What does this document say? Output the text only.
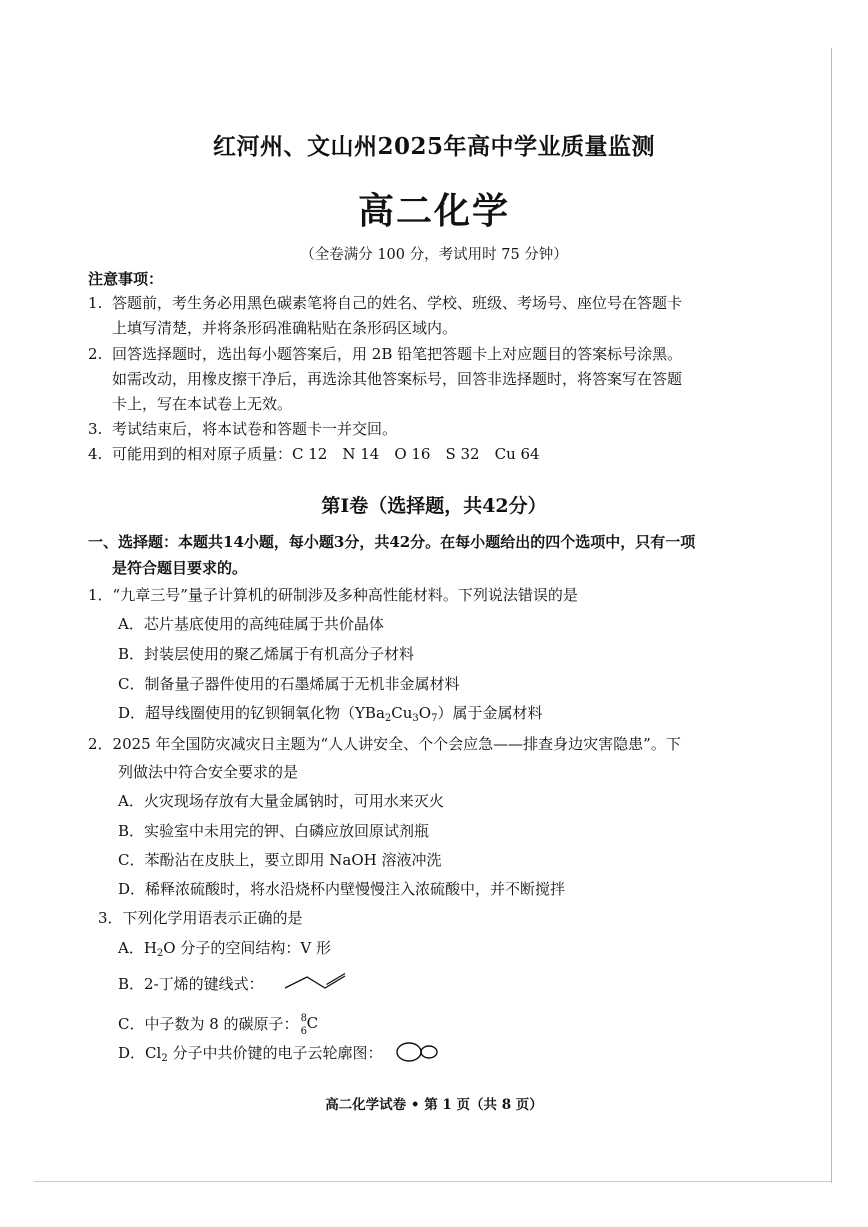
红河州、文山州2025年高中学业质量监测
高二化学
（全卷满分 100 分，考试用时 75 分钟）
注意事项：
1. 答题前，考生务必用黑色碳素笔将自己的姓名、学校、班级、考场号、座位号在答题卡
上填写清楚，并将条形码准确粘贴在条形码区域内。
2. 回答选择题时，选出每小题答案后，用 2B 铅笔把答题卡上对应题目的答案标号涂黑。
如需改动，用橡皮擦干净后，再选涂其他答案标号，回答非选择题时，将答案写在答题
卡上，写在本试卷上无效。
3. 考试结束后，将本试卷和答题卡一并交回。
4. 可能用到的相对原子质量：C 12　N 14　O 16　S 32　Cu 64
第Ⅰ卷（选择题，共42分）
一、选择题：本题共14小题，每小题3分，共42分。在每小题给出的四个选项中，只有一项
是符合题目要求的。
1．“九章三号”量子计算机的研制涉及多种高性能材料。下列说法错误的是
A．芯片基底使用的高纯硅属于共价晶体
B．封装层使用的聚乙烯属于有机高分子材料
C．制备量子器件使用的石墨烯属于无机非金属材料
D．超导线圈使用的钇钡铜氧化物$(YBa_2Cu_3O_7)$属于金属材料
2．2025 年全国防灾减灾日主题为“人人讲安全、个个会应急——排查身边灾害隐患”。下
列做法中符合安全要求的是
A．火灾现场存放有大量金属钠时，可用水来灭火
B．实验室中未用完的钾、白磷应放回原试剂瓶
C．苯酚沾在皮肤上，要立即用 NaOH 溶液冲洗
D．稀释浓硫酸时，将水沿烧杯内壁慢慢注入浓硫酸中，并不断搅拌
3．下列化学用语表示正确的是
A．$H_2O$ 分子的空间结构：V 形
B．2-丁烯的键线式：
C．中子数为 8 的碳原子： 8
6 C
D．$Cl_2$ 分子中共价键的电子云轮廓图：
高二化学试卷 • 第 1 页（共 8 页）
